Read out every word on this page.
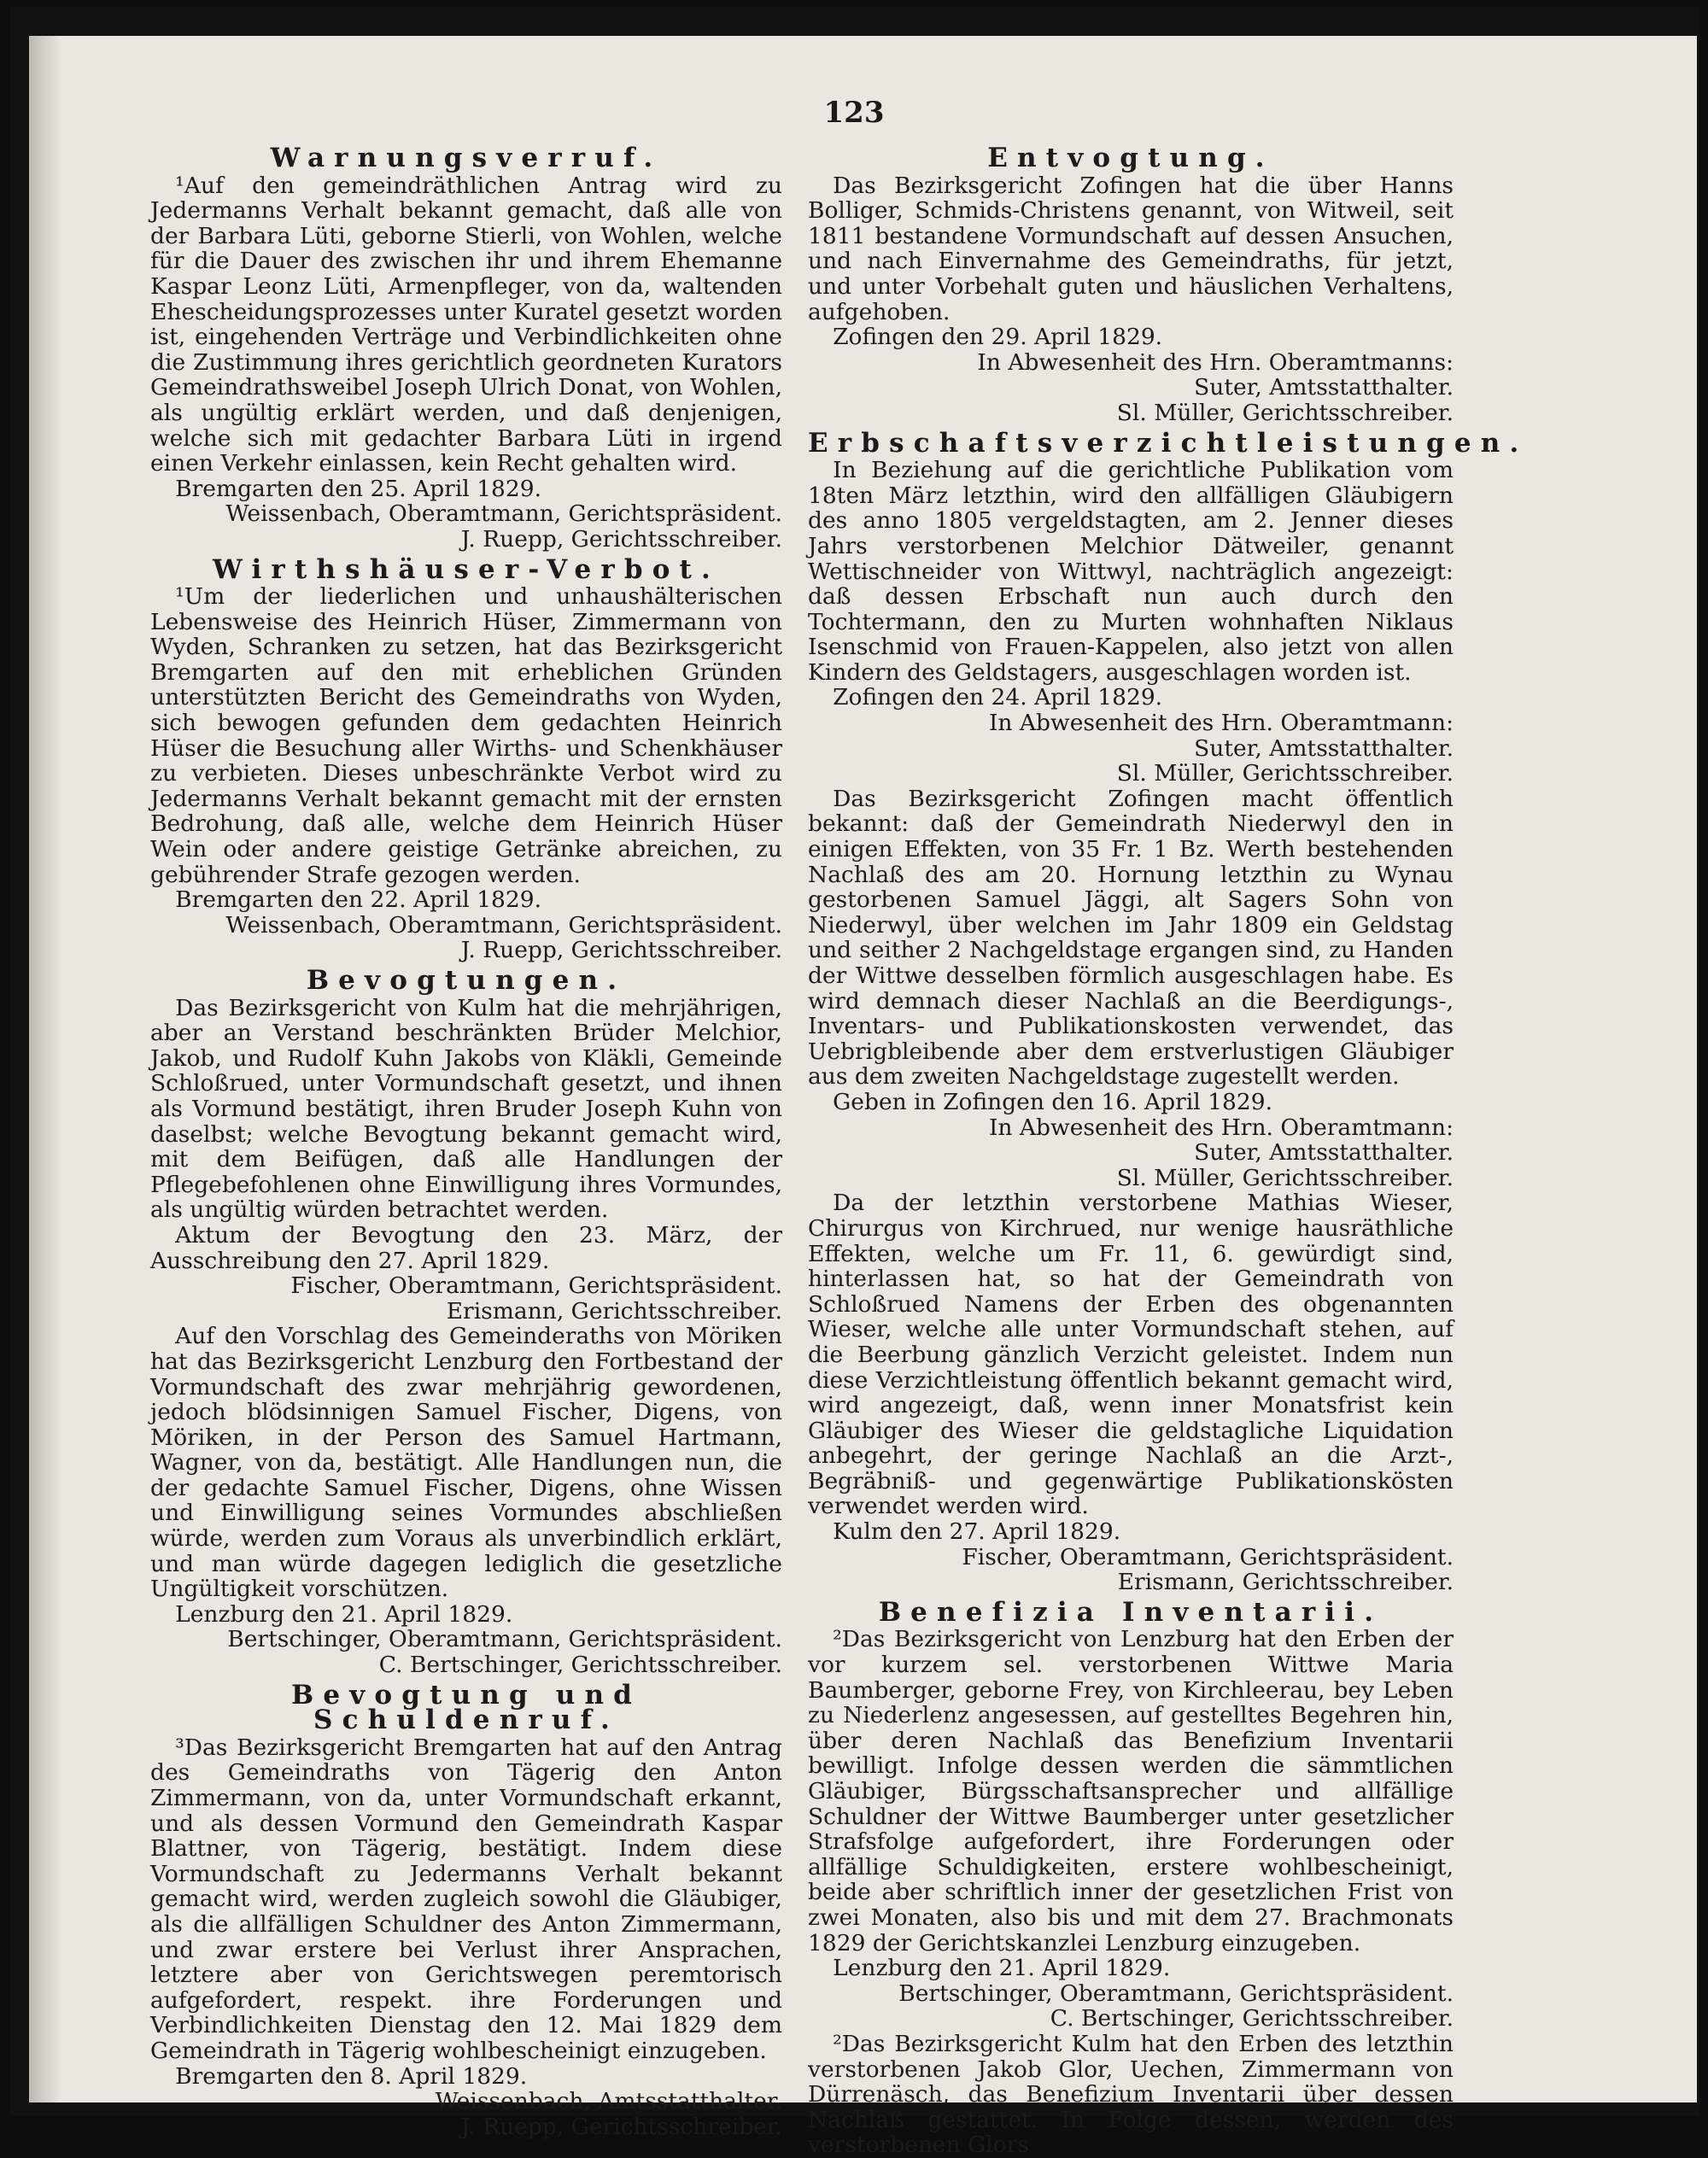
123
Warnungsverruf.

¹Auf den gemeindräthlichen Antrag wird zu Jedermanns Verhalt bekannt gemacht, daß alle von der Barbara Lüti, geborne Stierli, von Wohlen, welche für die Dauer des zwischen ihr und ihrem Ehemanne Kaspar Leonz Lüti, Armenpfleger, von da, waltenden Ehescheidungsprozesses unter Kuratel gesetzt worden ist, eingehenden Verträge und Verbindlichkeiten ohne die Zustimmung ihres gerichtlich geordneten Kurators Gemeindrathsweibel Joseph Ulrich Donat, von Wohlen, als ungültig erklärt werden, und daß denjenigen, welche sich mit gedachter Barbara Lüti in irgend einen Verkehr einlassen, kein Recht gehalten wird.

Bremgarten den 25. April 1829.

Weissenbach, Oberamtmann, Gerichtspräsident.

J. Ruepp, Gerichtsschreiber.

Wirthshäuser-Verbot.

¹Um der liederlichen und unhaushälterischen Lebensweise des Heinrich Hüser, Zimmermann von Wyden, Schranken zu setzen, hat das Bezirksgericht Bremgarten auf den mit erheblichen Gründen unterstützten Bericht des Gemeindraths von Wyden, sich bewogen gefunden dem gedachten Heinrich Hüser die Besuchung aller Wirths- und Schenkhäuser zu verbieten. Dieses unbeschränkte Verbot wird zu Jedermanns Verhalt bekannt gemacht mit der ernsten Bedrohung, daß alle, welche dem Heinrich Hüser Wein oder andere geistige Getränke abreichen, zu gebührender Strafe gezogen werden.

Bremgarten den 22. April 1829.

Weissenbach, Oberamtmann, Gerichtspräsident.

J. Ruepp, Gerichtsschreiber.

Bevogtungen.

Das Bezirksgericht von Kulm hat die mehrjährigen, aber an Verstand beschränkten Brüder Melchior, Jakob, und Rudolf Kuhn Jakobs von Kläkli, Gemeinde Schloßrued, unter Vormundschaft gesetzt, und ihnen als Vormund bestätigt, ihren Bruder Joseph Kuhn von daselbst; welche Bevogtung bekannt gemacht wird, mit dem Beifügen, daß alle Handlungen der Pflegebefohlenen ohne Einwilligung ihres Vormundes, als ungültig würden betrachtet werden.

Aktum der Bevogtung den 23. März, der Ausschreibung den 27. April 1829.

Fischer, Oberamtmann, Gerichtspräsident.

Erismann, Gerichtsschreiber.

Auf den Vorschlag des Gemeinderaths von Möriken hat das Bezirksgericht Lenzburg den Fortbestand der Vormundschaft des zwar mehrjährig gewordenen, jedoch blödsinnigen Samuel Fischer, Digens, von Möriken, in der Person des Samuel Hartmann, Wagner, von da, bestätigt. Alle Handlungen nun, die der gedachte Samuel Fischer, Digens, ohne Wissen und Einwilligung seines Vormundes abschließen würde, werden zum Voraus als unverbindlich erklärt, und man würde dagegen lediglich die gesetzliche Ungültigkeit vorschützen.

Lenzburg den 21. April 1829.

Bertschinger, Oberamtmann, Gerichtspräsident.

C. Bertschinger, Gerichtsschreiber.

Bevogtung und Schuldenruf.

³Das Bezirksgericht Bremgarten hat auf den Antrag des Gemeindraths von Tägerig den Anton Zimmermann, von da, unter Vormundschaft erkannt, und als dessen Vormund den Gemeindrath Kaspar Blattner, von Tägerig, bestätigt. Indem diese Vormundschaft zu Jedermanns Verhalt bekannt gemacht wird, werden zugleich sowohl die Gläubiger, als die allfälligen Schuldner des Anton Zimmermann, und zwar erstere bei Verlust ihrer Ansprachen, letztere aber von Gerichtswegen peremtorisch aufgefordert, respekt. ihre Forderungen und Verbindlichkeiten Dienstag den 12. Mai 1829 dem Gemeindrath in Tägerig wohlbescheinigt einzugeben.

Bremgarten den 8. April 1829.

Weissenbach, Amtsstatthalter.

J. Ruepp, Gerichtsschreiber.

Entvogtung.

Das Bezirksgericht Zofingen hat die über Hanns Bolliger, Schmids-Christens genannt, von Witweil, seit 1811 bestandene Vormundschaft auf dessen Ansuchen, und nach Einvernahme des Gemeindraths, für jetzt, und unter Vorbehalt guten und häuslichen Verhaltens, aufgehoben.

Zofingen den 29. April 1829.

In Abwesenheit des Hrn. Oberamtmanns:

Suter, Amtsstatthalter.

Sl. Müller, Gerichtsschreiber.

Erbschaftsverzichtleistungen.

In Beziehung auf die gerichtliche Publikation vom 18ten März letzthin, wird den allfälligen Gläubigern des anno 1805 vergeldstagten, am 2. Jenner dieses Jahrs verstorbenen Melchior Dätweiler, genannt Wettischneider von Wittwyl, nachträglich angezeigt: daß dessen Erbschaft nun auch durch den Tochtermann, den zu Murten wohnhaften Niklaus Isenschmid von Frauen-Kappelen, also jetzt von allen Kindern des Geldstagers, ausgeschlagen worden ist.

Zofingen den 24. April 1829.

In Abwesenheit des Hrn. Oberamtmann:

Suter, Amtsstatthalter.

Sl. Müller, Gerichtsschreiber.

Das Bezirksgericht Zofingen macht öffentlich bekannt: daß der Gemeindrath Niederwyl den in einigen Effekten, von 35 Fr. 1 Bz. Werth bestehenden Nachlaß des am 20. Hornung letzthin zu Wynau gestorbenen Samuel Jäggi, alt Sagers Sohn von Niederwyl, über welchen im Jahr 1809 ein Geldstag und seither 2 Nachgeldstage ergangen sind, zu Handen der Wittwe desselben förmlich ausgeschlagen habe. Es wird demnach dieser Nachlaß an die Beerdigungs-, Inventars- und Publikationskosten verwendet, das Uebrigbleibende aber dem erstverlustigen Gläubiger aus dem zweiten Nachgeldstage zugestellt werden.

Geben in Zofingen den 16. April 1829.

In Abwesenheit des Hrn. Oberamtmann:

Suter, Amtsstatthalter.

Sl. Müller, Gerichtsschreiber.

Da der letzthin verstorbene Mathias Wieser, Chirurgus von Kirchrued, nur wenige hausräthliche Effekten, welche um Fr. 11, 6. gewürdigt sind, hinterlassen hat, so hat der Gemeindrath von Schloßrued Namens der Erben des obgenannten Wieser, welche alle unter Vormundschaft stehen, auf die Beerbung gänzlich Verzicht geleistet. Indem nun diese Verzichtleistung öffentlich bekannt gemacht wird, wird angezeigt, daß, wenn inner Monatsfrist kein Gläubiger des Wieser die geldstagliche Liquidation anbegehrt, der geringe Nachlaß an die Arzt-, Begräbniß- und gegenwärtige Publikationskösten verwendet werden wird.

Kulm den 27. April 1829.

Fischer, Oberamtmann, Gerichtspräsident.

Erismann, Gerichtsschreiber.

Benefizia Inventarii.

²Das Bezirksgericht von Lenzburg hat den Erben der vor kurzem sel. verstorbenen Wittwe Maria Baumberger, geborne Frey, von Kirchleerau, bey Leben zu Niederlenz angesessen, auf gestelltes Begehren hin, über deren Nachlaß das Benefizium Inventarii bewilligt. Infolge dessen werden die sämmtlichen Gläubiger, Bürgsschaftsansprecher und allfällige Schuldner der Wittwe Baumberger unter gesetzlicher Strafsfolge aufgefordert, ihre Forderungen oder allfällige Schuldigkeiten, erstere wohlbescheinigt, beide aber schriftlich inner der gesetzlichen Frist von zwei Monaten, also bis und mit dem 27. Brachmonats 1829 der Gerichtskanzlei Lenzburg einzugeben.

Lenzburg den 21. April 1829.

Bertschinger, Oberamtmann, Gerichtspräsident.

C. Bertschinger, Gerichtsschreiber.

²Das Bezirksgericht Kulm hat den Erben des letzthin verstorbenen Jakob Glor, Uechen, Zimmermann von Dürrenäsch, das Benefizium Inventarii über dessen Nachlaß gestattet. In Folge dessen, werden des verstorbenen Glors
